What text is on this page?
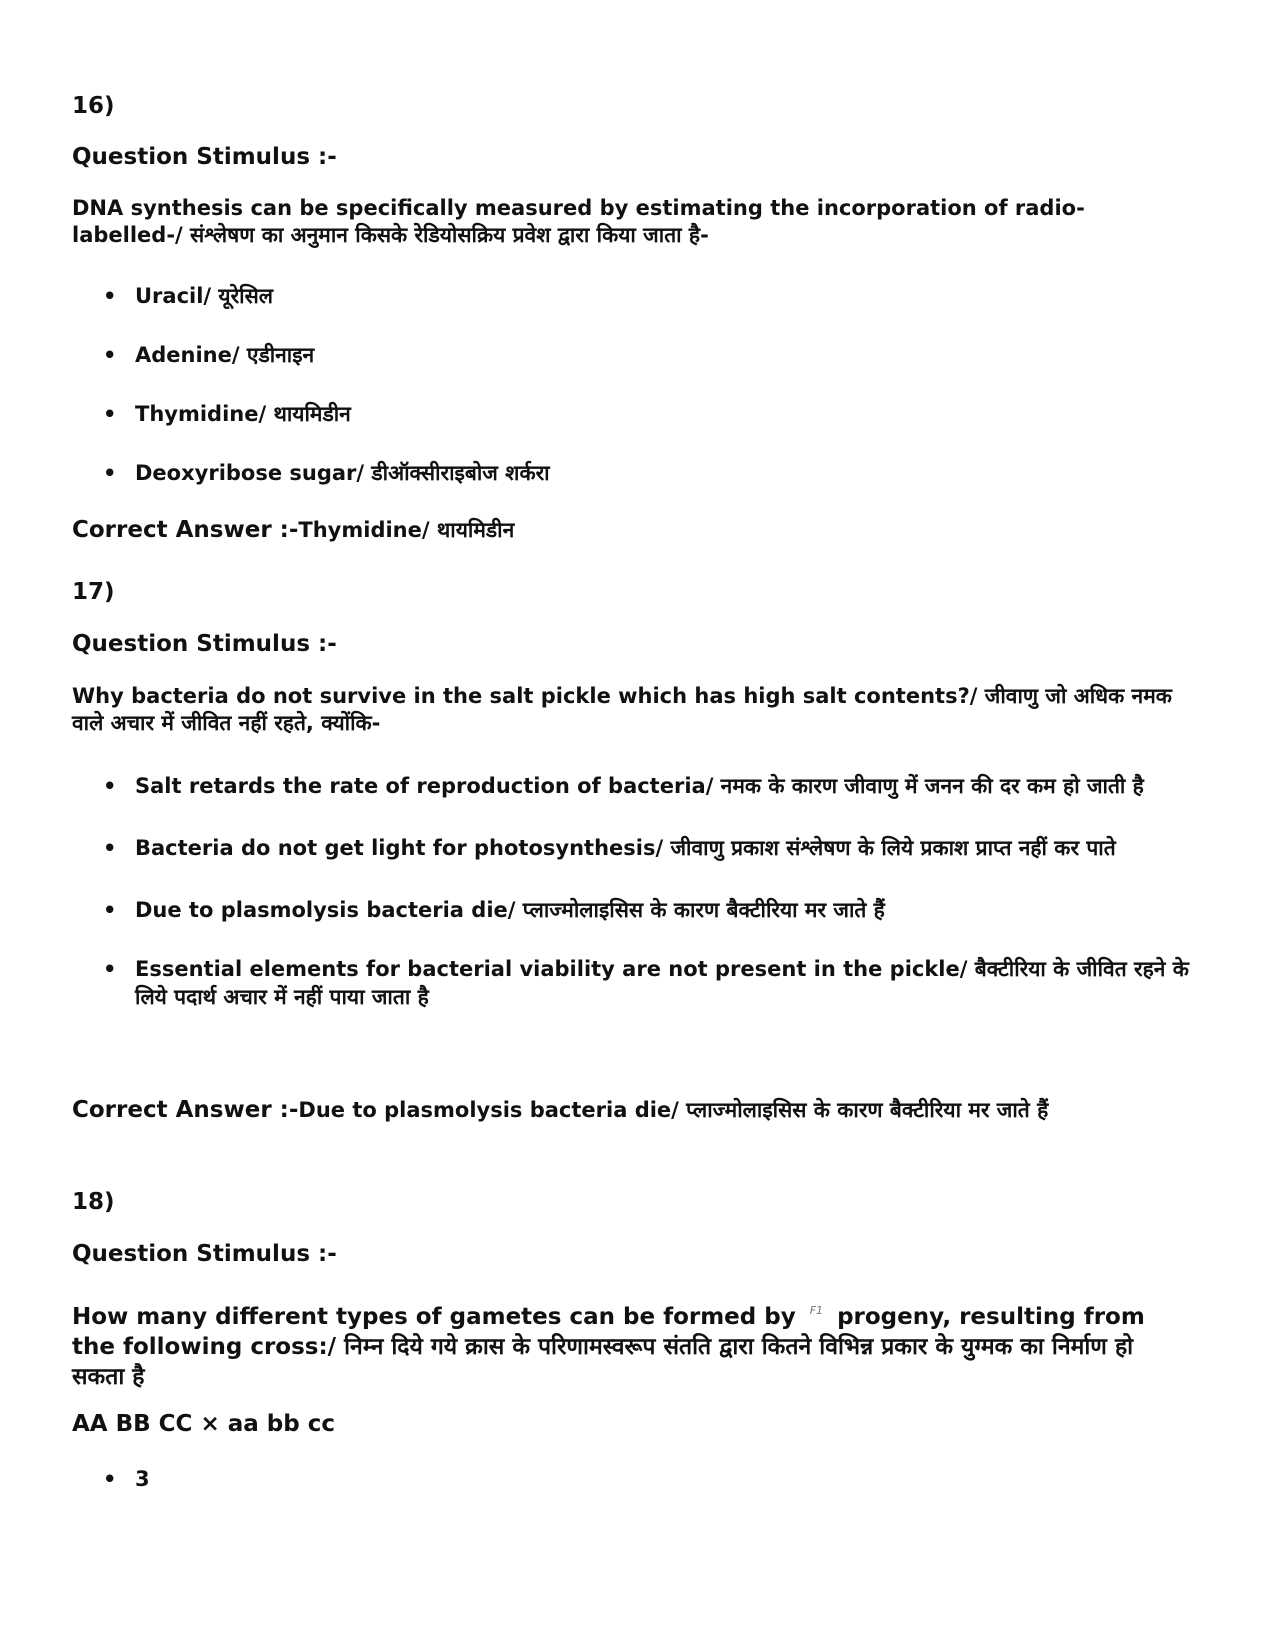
16)
Question Stimulus :-
DNA synthesis can be specifically measured by estimating the incorporation of radio-labelled-/ संश्लेषण का अनुमान किसके रेडियोसक्रिय प्रवेश द्वारा किया जाता है-
• Uracil/ यूरेसिल
• Adenine/ एडीनाइन
• Thymidine/ थायमिडीन
• Deoxyribose sugar/ डीऑक्सीराइबोज शर्करा
Correct Answer :-Thymidine/ थायमिडीन
17)
Question Stimulus :-
Why bacteria do not survive in the salt pickle which has high salt contents?/ जीवाणु जो अधिक नमक वाले अचार में जीवित नहीं रहते, क्योंकि-
• Salt retards the rate of reproduction of bacteria/ नमक के कारण जीवाणु में जनन की दर कम हो जाती है
• Bacteria do not get light for photosynthesis/ जीवाणु प्रकाश संश्लेषण के लिये प्रकाश प्राप्त नहीं कर पाते
• Due to plasmolysis bacteria die/ प्लाज्मोलाइसिस के कारण बैक्टीरिया मर जाते हैं
• Essential elements for bacterial viability are not present in the pickle/ बैक्टीरिया के जीवित रहने के लिये पदार्थ अचार में नहीं पाया जाता है
Correct Answer :-Due to plasmolysis bacteria die/ प्लाज्मोलाइसिस के कारण बैक्टीरिया मर जाते हैं
18)
Question Stimulus :-
How many different types of gametes can be formed by F1 progeny, resulting from the following cross:/ निम्न दिये गये क्रास के परिणामस्वरूप संतति द्वारा कितने विभिन्न प्रकार के युग्मक का निर्माण हो सकता है
AA BB CC × aa bb cc
• 3
